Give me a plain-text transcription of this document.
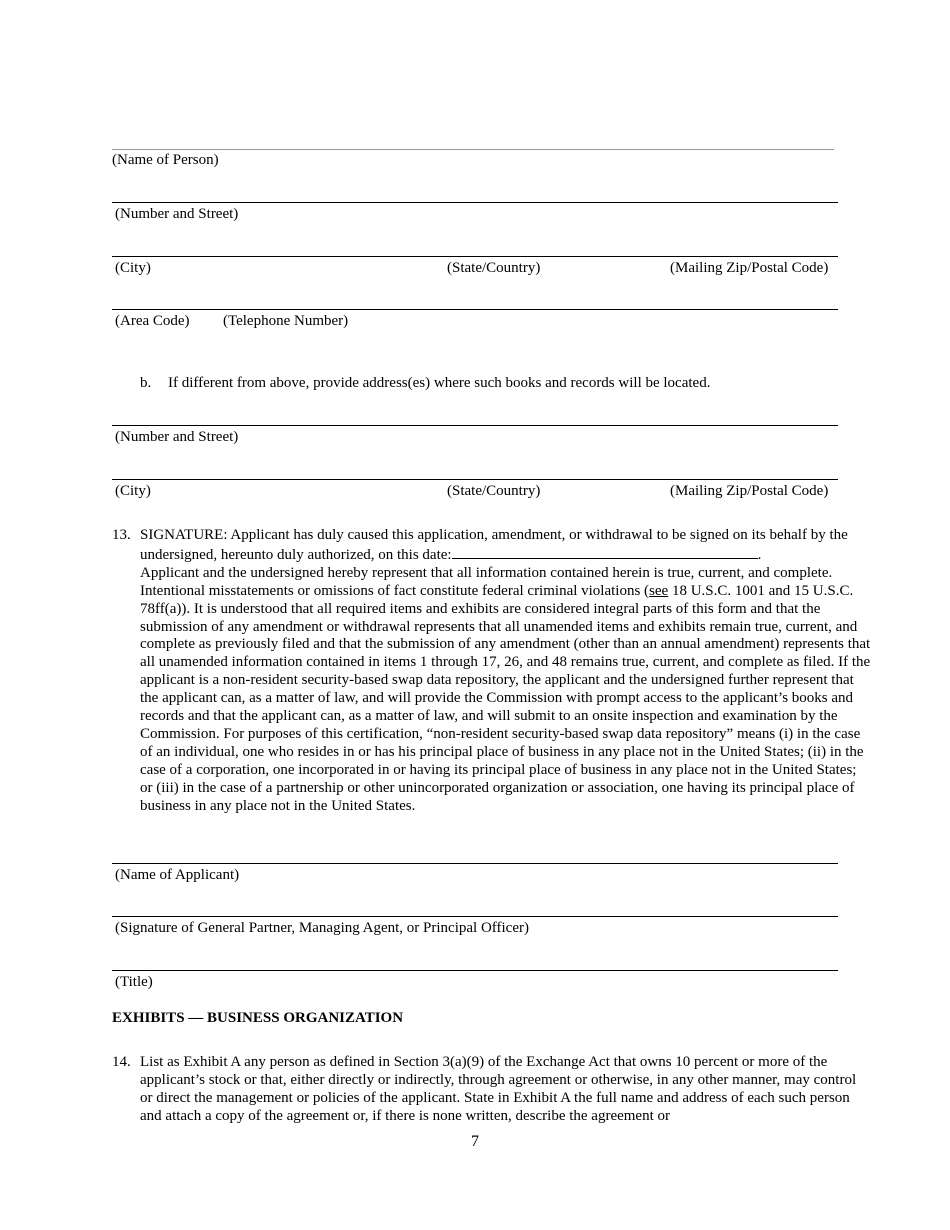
(Name of Person)
(Number and Street)
(City)	(State/Country)	(Mailing Zip/Postal Code)
(Area Code) (Telephone Number)
b. If different from above, provide address(es) where such books and records will be located.
(Number and Street)
(City)	(State/Country)	(Mailing Zip/Postal Code)
13. SIGNATURE: Applicant has duly caused this application, amendment, or withdrawal to be signed on its behalf by the undersigned, hereunto duly authorized, on this date:	.
Applicant and the undersigned hereby represent that all information contained herein is true, current, and complete. Intentional misstatements or omissions of fact constitute federal criminal violations (see 18 U.S.C. 1001 and 15 U.S.C. 78ff(a)). It is understood that all required items and exhibits are considered integral parts of this form and that the submission of any amendment or withdrawal represents that all unamended items and exhibits remain true, current, and complete as previously filed and that the submission of any amendment (other than an annual amendment) represents that all unamended information contained in items 1 through 17, 26, and 48 remains true, current, and complete as filed. If the applicant is a non-resident security-based swap data repository, the applicant and the undersigned further represent that the applicant can, as a matter of law, and will provide the Commission with prompt access to the applicant’s books and records and that the applicant can, as a matter of law, and will submit to an onsite inspection and examination by the Commission. For purposes of this certification, “non-resident security-based swap data repository” means (i) in the case of an individual, one who resides in or has his principal place of business in any place not in the United States; (ii) in the case of a corporation, one incorporated in or having its principal place of business in any place not in the United States; or (iii) in the case of a partnership or other unincorporated organization or association, one having its principal place of business in any place not in the United States.
(Name of Applicant)
(Signature of General Partner, Managing Agent, or Principal Officer)
(Title)
EXHIBITS — BUSINESS ORGANIZATION
14. List as Exhibit A any person as defined in Section 3(a)(9) of the Exchange Act that owns 10 percent or more of the applicant’s stock or that, either directly or indirectly, through agreement or otherwise, in any other manner, may control or direct the management or policies of the applicant. State in Exhibit A the full name and address of each such person and attach a copy of the agreement or, if there is none written, describe the agreement or
7
